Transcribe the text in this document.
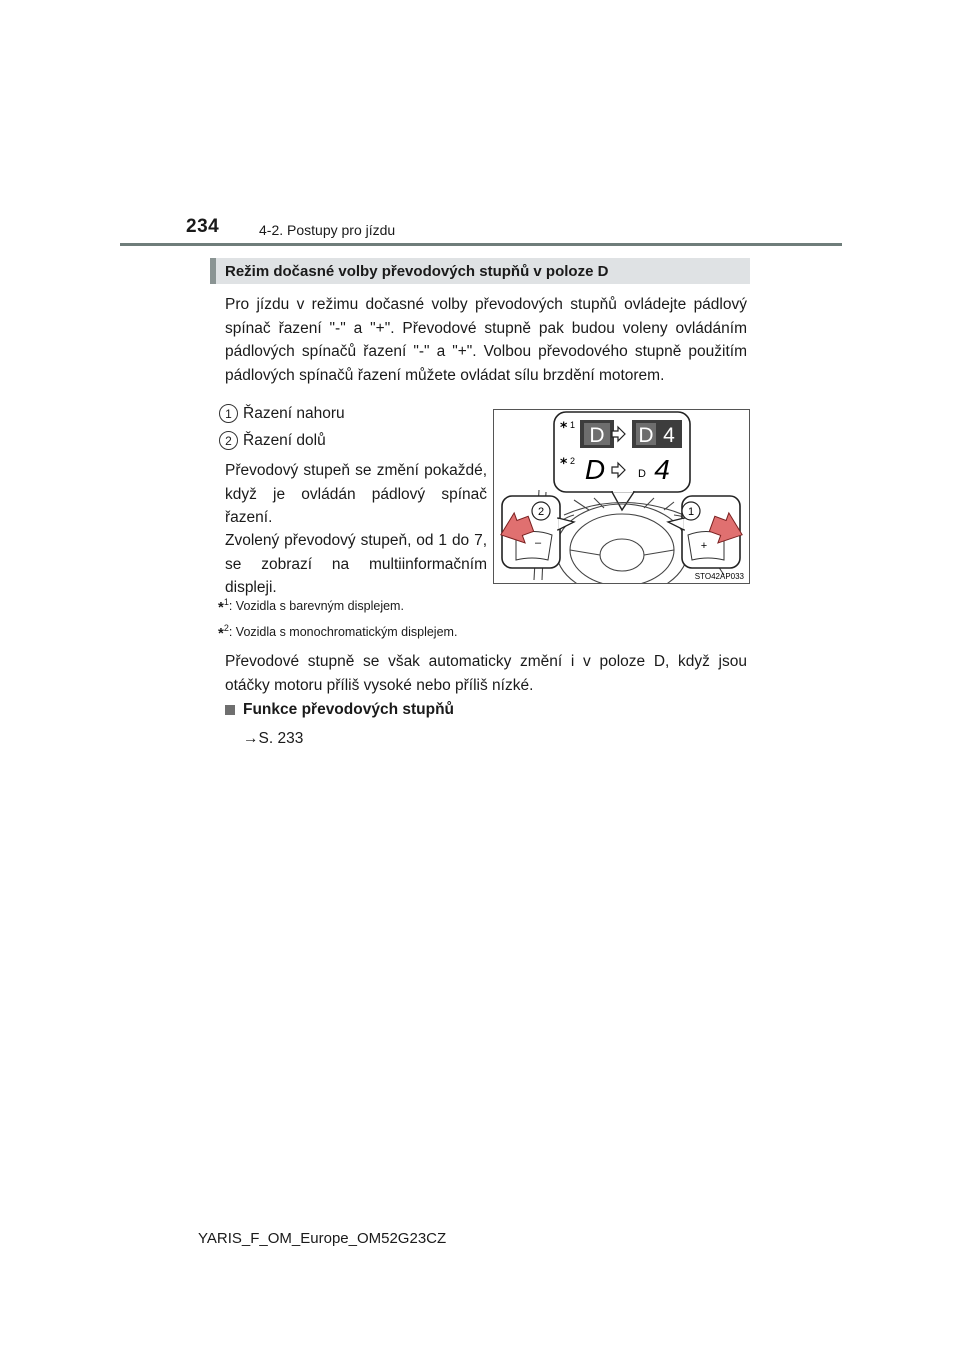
234	4-2. Postupy pro jízdu
Režim dočasné volby převodových stupňů v poloze D
Pro jízdu v režimu dočasné volby převodových stupňů ovládejte pádlový spínač řazení "-" a "+". Převodové stupně pak budou voleny ovládáním pádlových spínačů řazení "-" a "+". Volbou převodového stupně použitím pádlových spínačů řazení můžete ovládat sílu brzdění motorem.
1 Řazení nahoru
2 Řazení dolů
Převodový stupeň se změní pokaždé, když je ovládán pádlový spínač řazení.
Zvolený převodový stupeň, od 1 do 7, se zobrazí na multiinformačním displeji.
* 1 D D 4
* 2 D	D 4
2
–
1
+
STO42AP033
*$^1$: Vozidla s barevným displejem.
*$^2$: Vozidla s monochromatickým displejem.
Převodové stupně se však automaticky změní i v poloze D, když jsou otáčky motoru příliš vysoké nebo příliš nízké.
Funkce převodových stupňů
→S. 233
YARIS_F_OM_Europe_OM52G23CZ
